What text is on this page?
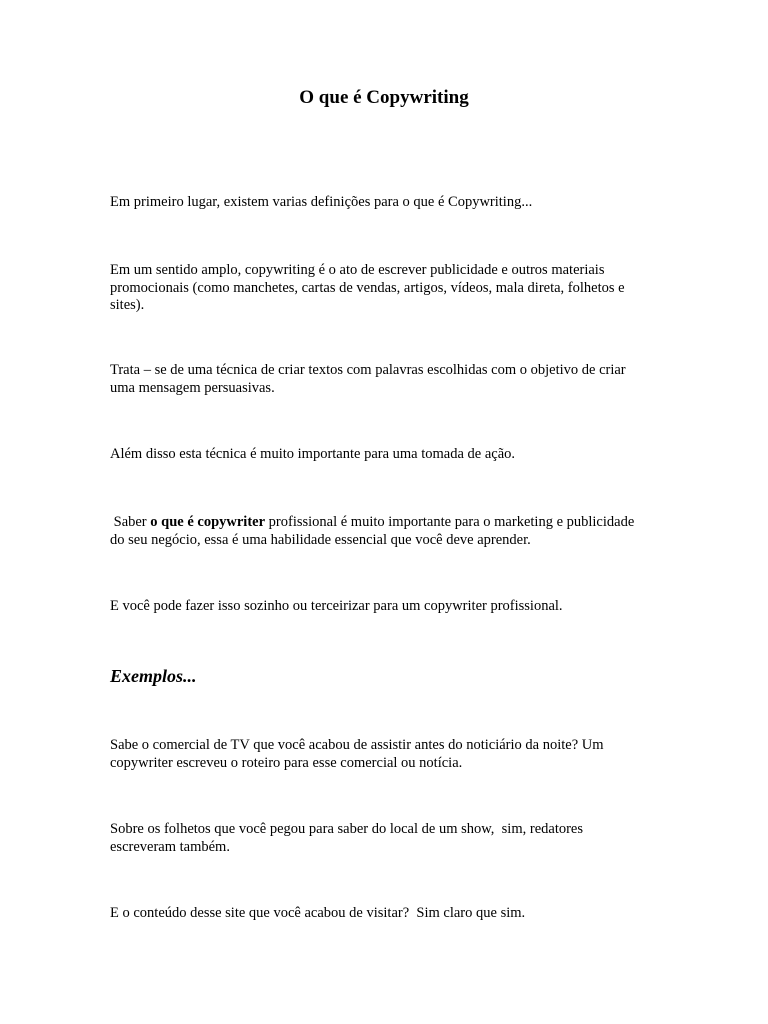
O que é Copywriting

Em primeiro lugar, existem varias definições para o que é Copywriting...

Em um sentido amplo, copywriting é o ato de escrever publicidade e outros materiais promocionais (como manchetes, cartas de vendas, artigos, vídeos, mala direta, folhetos e sites).

Trata – se de uma técnica de criar textos com palavras escolhidas com o objetivo de criar uma mensagem persuasivas.

Além disso esta técnica é muito importante para uma tomada de ação.

Saber o que é copywriter profissional é muito importante para o marketing e publicidade do seu negócio, essa é uma habilidade essencial que você deve aprender.

E você pode fazer isso sozinho ou terceirizar para um copywriter profissional.

Exemplos...

Sabe o comercial de TV que você acabou de assistir antes do noticiário da noite? Um copywriter escreveu o roteiro para esse comercial ou notícia.

Sobre os folhetos que você pegou para saber do local de um show,  sim, redatores escreveram também.

E o conteúdo desse site que você acabou de visitar?  Sim claro que sim.
